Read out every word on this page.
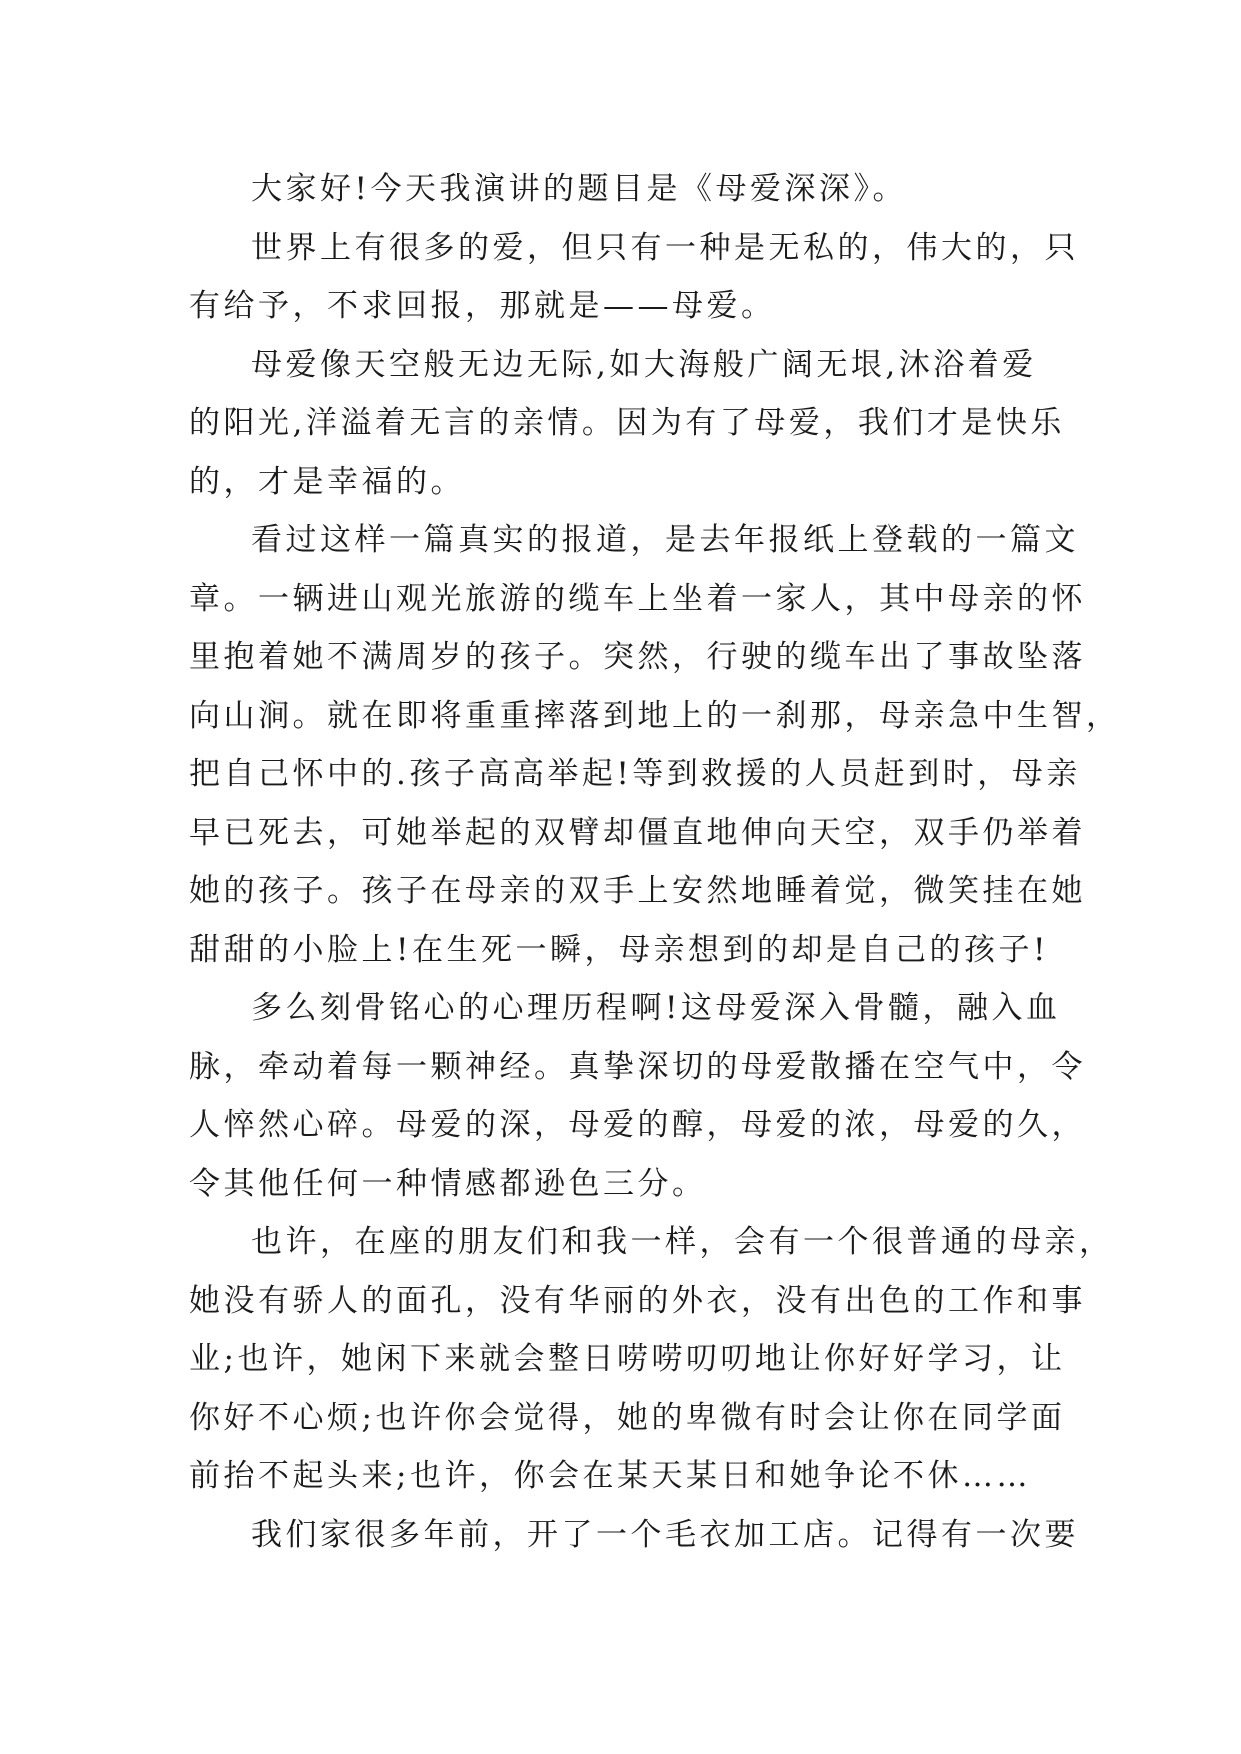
大家好!今天我演讲的题目是《母爱深深》。
世界上有很多的爱，但只有一种是无私的，伟大的，只
有给予，不求回报，那就是——母爱。
母爱像天空般无边无际,如大海般广阔无垠,沐浴着爱
的阳光,洋溢着无言的亲情。因为有了母爱，我们才是快乐
的，才是幸福的。
看过这样一篇真实的报道，是去年报纸上登载的一篇文
章。一辆进山观光旅游的缆车上坐着一家人，其中母亲的怀
里抱着她不满周岁的孩子。突然，行驶的缆车出了事故坠落
向山涧。就在即将重重摔落到地上的一刹那，母亲急中生智，
把自己怀中的.孩子高高举起!等到救援的人员赶到时，母亲
早已死去，可她举起的双臂却僵直地伸向天空，双手仍举着
她的孩子。孩子在母亲的双手上安然地睡着觉，微笑挂在她
甜甜的小脸上!在生死一瞬，母亲想到的却是自己的孩子!
多么刻骨铭心的心理历程啊!这母爱深入骨髓，融入血
脉，牵动着每一颗神经。真挚深切的母爱散播在空气中，令
人悴然心碎。母爱的深，母爱的醇，母爱的浓，母爱的久，
令其他任何一种情感都逊色三分。
也许，在座的朋友们和我一样，会有一个很普通的母亲，
她没有骄人的面孔，没有华丽的外衣，没有出色的工作和事
业;也许，她闲下来就会整日唠唠叨叨地让你好好学习，让
你好不心烦;也许你会觉得，她的卑微有时会让你在同学面
前抬不起头来;也许，你会在某天某日和她争论不休……
我们家很多年前，开了一个毛衣加工店。记得有一次要
